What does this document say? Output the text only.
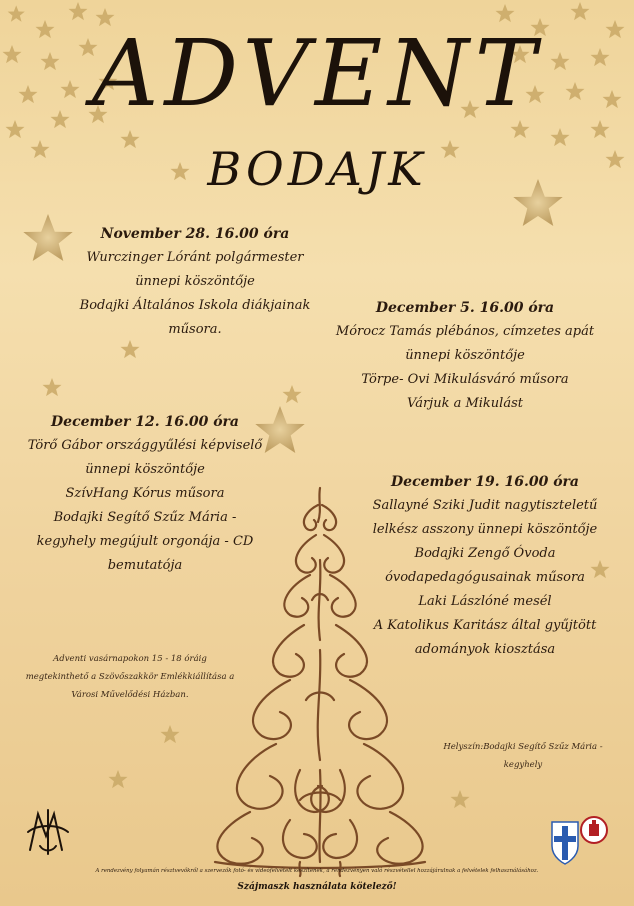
ADVENT
BODAJK
November 28. 16.00 óra
Wurczinger Lóránt polgármester
ünnepi köszöntője
Bodajki Általános Iskola diákjainak
műsora.
December 5. 16.00 óra
Mórocz Tamás plébános, címzetes apát
ünnepi köszöntője
Törpe- Ovi Mikulásváró műsora
Várjuk a Mikulást
December 12. 16.00 óra
Törő Gábor országgyűlési képviselő
ünnepi köszöntője
SzívHang Kórus műsora
Bodajki Segítő Szűz Mária -
kegyhely megújult orgonája - CD
bemutatója
December 19. 16.00 óra
Sallayné Sziki Judit nagytiszteletű
lelkész asszony ünnepi köszöntője
Bodajki Zengő Óvoda
óvodapedagógusainak műsora
Laki Lászlóné mesél
A Katolikus Karitász által gyűjtött
adományok kiosztása
Adventi vasárnapokon 15 - 18 óráig
megtekinthető a Szövőszakkör Emlékkiállítása a
Városi Művelődési Házban.
Helyszín:Bodajki Segítő Szűz Mária -
kegyhely
A rendezvény folyamán résztvevőkről a szervezők fotó- és videófelvételt készítenek, a rendezvényen való részvétellel hozzájárulnak a felvételek felhasználásához.
Szájmaszk használata kötelező!
